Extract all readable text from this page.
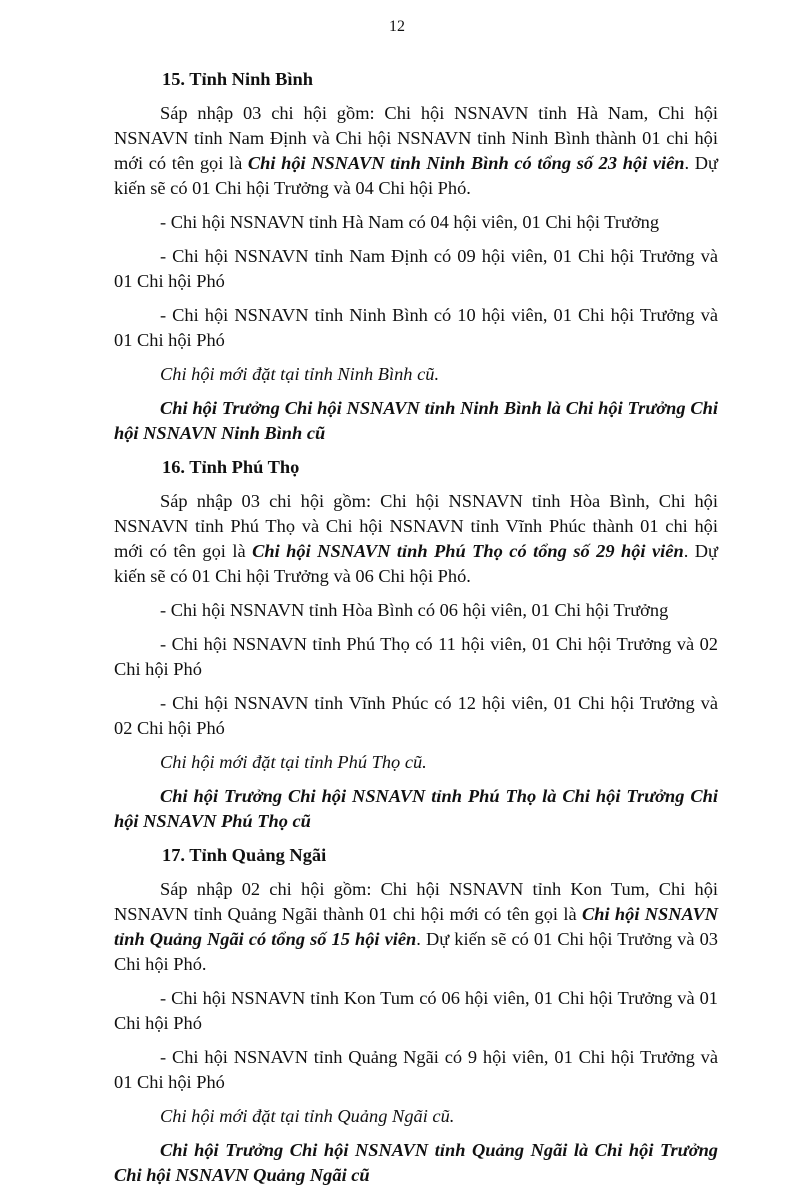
12

15. Tỉnh Ninh Bình

Sáp nhập 03 chi hội gồm: Chi hội NSNAVN tỉnh Hà Nam, Chi hội NSNAVN tỉnh Nam Định và Chi hội NSNAVN tỉnh Ninh Bình thành 01 chi hội mới có tên gọi là Chi hội NSNAVN tỉnh Ninh Bình có tổng số 23 hội viên. Dự kiến sẽ có 01 Chi hội Trưởng và 04 Chi hội Phó.

- Chi hội NSNAVN tỉnh Hà Nam có 04 hội viên, 01 Chi hội Trưởng

- Chi hội NSNAVN tỉnh Nam Định có 09 hội viên, 01 Chi hội Trưởng và 01 Chi hội Phó

- Chi hội NSNAVN tỉnh Ninh Bình có 10 hội viên, 01 Chi hội Trưởng và 01 Chi hội Phó

Chi hội mới đặt tại tỉnh Ninh Bình cũ.

Chi hội Trưởng Chi hội NSNAVN tỉnh Ninh Bình là Chi hội Trưởng Chi hội NSNAVN Ninh Bình cũ

16. Tỉnh Phú Thọ

Sáp nhập 03 chi hội gồm: Chi hội NSNAVN tỉnh Hòa Bình, Chi hội NSNAVN tỉnh Phú Thọ và Chi hội NSNAVN tỉnh Vĩnh Phúc thành 01 chi hội mới có tên gọi là Chi hội NSNAVN tỉnh Phú Thọ có tổng số 29 hội viên. Dự kiến sẽ có 01 Chi hội Trưởng và 06 Chi hội Phó.

- Chi hội NSNAVN tỉnh Hòa Bình có 06 hội viên, 01 Chi hội Trưởng

- Chi hội NSNAVN tỉnh Phú Thọ có 11 hội viên, 01 Chi hội Trưởng và 02 Chi hội Phó

- Chi hội NSNAVN tỉnh Vĩnh Phúc có 12 hội viên, 01 Chi hội Trưởng và 02 Chi hội Phó

Chi hội mới đặt tại tỉnh Phú Thọ cũ.

Chi hội Trưởng Chi hội NSNAVN tỉnh Phú Thọ là Chi hội Trưởng Chi hội NSNAVN Phú Thọ cũ

17. Tỉnh Quảng Ngãi

Sáp nhập 02 chi hội gồm: Chi hội NSNAVN tỉnh Kon Tum, Chi hội NSNAVN tỉnh Quảng Ngãi thành 01 chi hội mới có tên gọi là Chi hội NSNAVN tỉnh Quảng Ngãi có tổng số 15 hội viên. Dự kiến sẽ có 01 Chi hội Trưởng và 03 Chi hội Phó.

- Chi hội NSNAVN tỉnh Kon Tum có 06 hội viên, 01 Chi hội Trưởng và 01 Chi hội Phó

- Chi hội NSNAVN tỉnh Quảng Ngãi có 9 hội viên, 01 Chi hội Trưởng và 01 Chi hội Phó

Chi hội mới đặt tại tỉnh Quảng Ngãi cũ.

Chi hội Trưởng Chi hội NSNAVN tỉnh Quảng Ngãi là Chi hội Trưởng Chi hội NSNAVN Quảng Ngãi cũ
